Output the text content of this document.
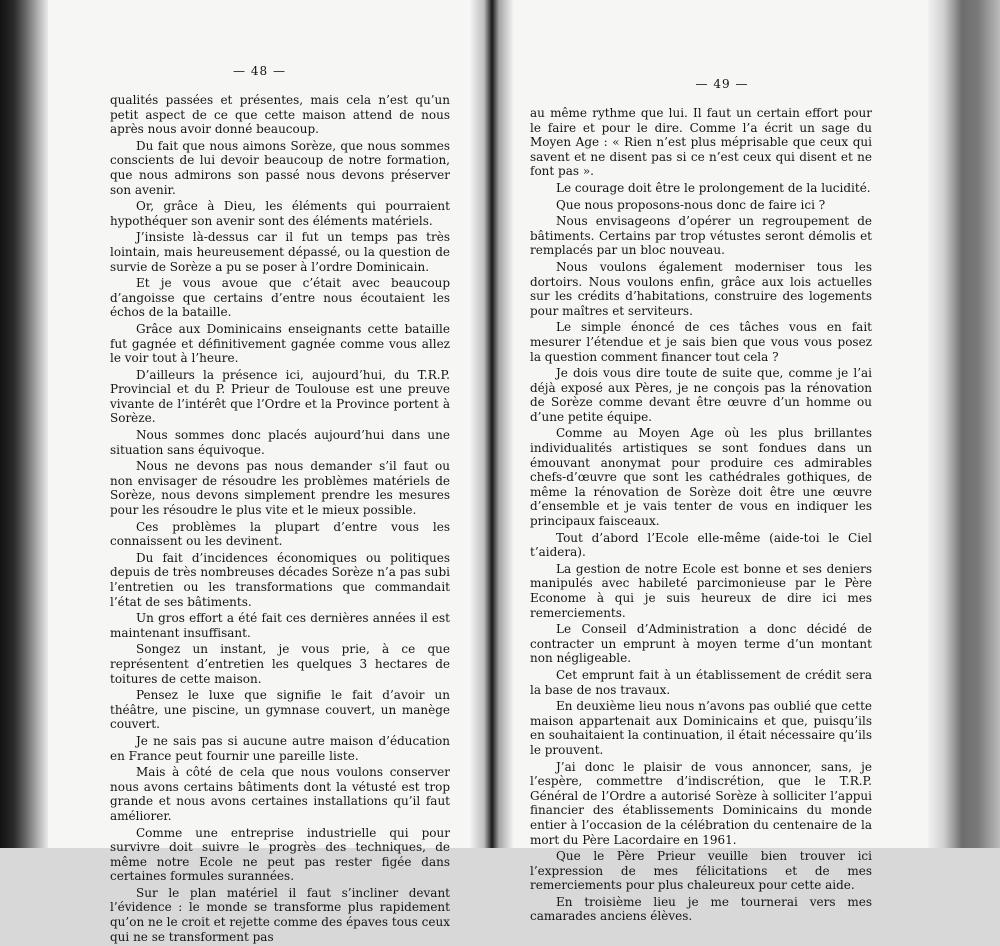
— 48 —

qualités passées et présentes, mais cela n’est qu’un petit aspect de ce que cette maison attend de nous après nous avoir donné beaucoup.

Du fait que nous aimons Sorèze, que nous sommes conscients de lui devoir beaucoup de notre formation, que nous admirons son passé nous devons préserver son avenir.

Or, grâce à Dieu, les éléments qui pourraient hypothéquer son avenir sont des éléments matériels.

J’insiste là-dessus car il fut un temps pas très lointain, mais heureusement dépassé, ou la question de survie de Sorèze a pu se poser à l’ordre Dominicain.

Et je vous avoue que c’était avec beaucoup d’angoisse que certains d’entre nous écoutaient les échos de la bataille.

Grâce aux Dominicains enseignants cette bataille fut gagnée et définitivement gagnée comme vous allez le voir tout à l’heure.

D’ailleurs la présence ici, aujourd’hui, du T.R.P. Provincial et du P. Prieur de Toulouse est une preuve vivante de l’intérêt que l’Ordre et la Province portent à Sorèze.

Nous sommes donc placés aujourd’hui dans une situation sans équivoque.

Nous ne devons pas nous demander s’il faut ou non envisager de résoudre les problèmes matériels de Sorèze, nous devons simplement prendre les mesures pour les résoudre le plus vite et le mieux possible.

Ces problèmes la plupart d’entre vous les connaissent ou les devinent.

Du fait d’incidences économiques ou politiques depuis de très nombreuses décades Sorèze n’a pas subi l’entretien ou les transformations que commandait l’état de ses bâtiments.

Un gros effort a été fait ces dernières années il est maintenant insuffisant.

Songez un instant, je vous prie, à ce que représentent d’entretien les quelques 3 hectares de toitures de cette maison.

Pensez le luxe que signifie le fait d’avoir un théâtre, une piscine, un gymnase couvert, un manège couvert.

Je ne sais pas si aucune autre maison d’éducation en France peut fournir une pareille liste.

Mais à côté de cela que nous voulons conserver nous avons certains bâtiments dont la vétusté est trop grande et nous avons certaines installations qu’il faut améliorer.

Comme une entreprise industrielle qui pour survivre doit suivre le progrès des techniques, de même notre Ecole ne peut pas rester figée dans certaines formules surannées.

Sur le plan matériel il faut s’incliner devant l’évidence : le monde se transforme plus rapidement qu’on ne le croit et rejette comme des épaves tous ceux qui ne se transforment pas

— 49 —

au même rythme que lui. Il faut un certain effort pour le faire et pour le dire. Comme l’a écrit un sage du Moyen Age : « Rien n’est plus méprisable que ceux qui savent et ne disent pas si ce n’est ceux qui disent et ne font pas ».

Le courage doit être le prolongement de la lucidité.

Que nous proposons-nous donc de faire ici ?

Nous envisageons d’opérer un regroupement de bâtiments. Certains par trop vétustes seront démolis et remplacés par un bloc nouveau.

Nous voulons également moderniser tous les dortoirs. Nous voulons enfin, grâce aux lois actuelles sur les crédits d’habitations, construire des logements pour maîtres et serviteurs.

Le simple énoncé de ces tâches vous en fait mesurer l’étendue et je sais bien que vous vous posez la question comment financer tout cela ?

Je dois vous dire toute de suite que, comme je l’ai déjà exposé aux Pères, je ne conçois pas la rénovation de Sorèze comme devant être œuvre d’un homme ou d’une petite équipe.

Comme au Moyen Age où les plus brillantes individualités artistiques se sont fondues dans un émouvant anonymat pour produire ces admirables chefs-d’œuvre que sont les cathédrales gothiques, de même la rénovation de Sorèze doit être une œuvre d’ensemble et je vais tenter de vous en indiquer les principaux faisceaux.

Tout d’abord l’Ecole elle-même (aide-toi le Ciel t’aidera).

La gestion de notre Ecole est bonne et ses deniers manipulés avec habileté parcimonieuse par le Père Econome à qui je suis heureux de dire ici mes remerciements.

Le Conseil d’Administration a donc décidé de contracter un emprunt à moyen terme d’un montant non négligeable.

Cet emprunt fait à un établissement de crédit sera la base de nos travaux.

En deuxième lieu nous n’avons pas oublié que cette maison appartenait aux Dominicains et que, puisqu’ils en souhaitaient la continuation, il était nécessaire qu’ils le prouvent.

J’ai donc le plaisir de vous annoncer, sans, je l’espère, commettre d’indiscrétion, que le T.R.P. Général de l’Ordre a autorisé Sorèze à solliciter l’appui financier des établissements Dominicains du monde entier à l’occasion de la célébration du centenaire de la mort du Père Lacordaire en 1961.

Que le Père Prieur veuille bien trouver ici l’expression de mes félicitations et de mes remerciements pour plus chaleureux pour cette aide.

En troisième lieu je me tournerai vers mes camarades anciens élèves.
